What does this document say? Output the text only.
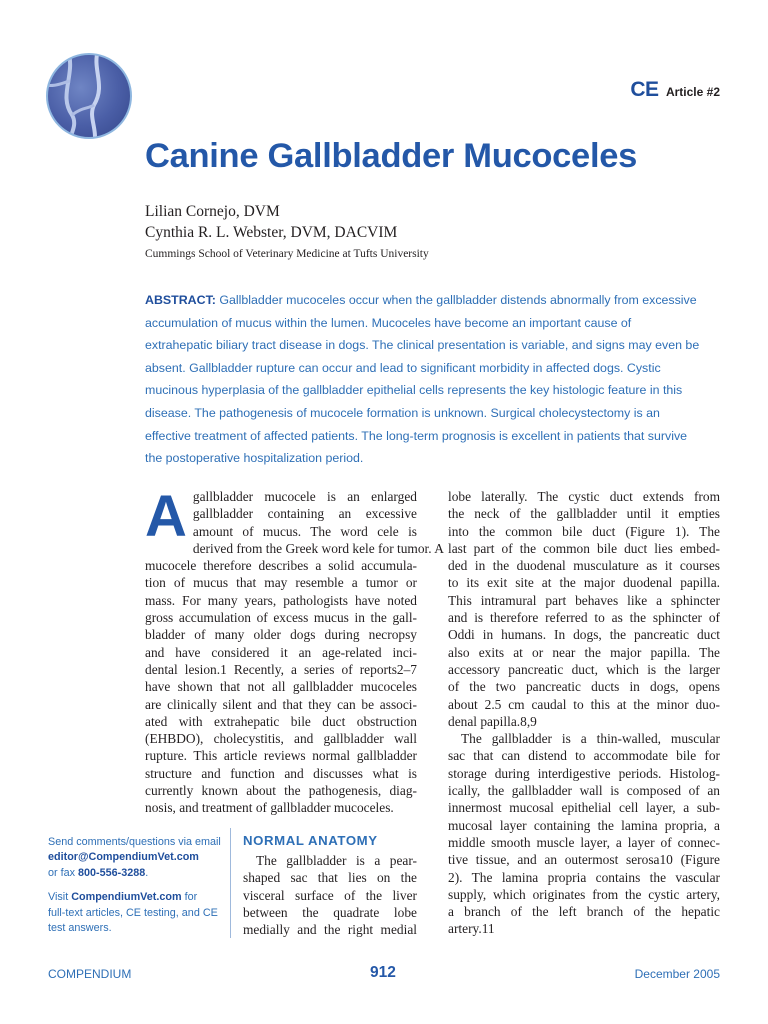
CE Article #2
Canine Gallbladder Mucoceles
Lilian Cornejo, DVM
Cynthia R. L. Webster, DVM, DACVIM
Cummings School of Veterinary Medicine at Tufts University
ABSTRACT: Gallbladder mucoceles occur when the gallbladder distends abnormally from excessive
accumulation of mucus within the lumen. Mucoceles have become an important cause of
extrahepatic biliary tract disease in dogs. The clinical presentation is variable, and signs may even be
absent. Gallbladder rupture can occur and lead to significant morbidity in affected dogs. Cystic
mucinous hyperplasia of the gallbladder epithelial cells represents the key histologic feature in this
disease. The pathogenesis of mucocele formation is unknown. Surgical cholecystectomy is an
effective treatment of affected patients. The long-term prognosis is excellent in patients that survive
the postoperative hospitalization period.
A gallbladder mucocele is an enlarged
gallbladder containing an excessive
amount of mucus. The word cele is
derived from the Greek word kele for tumor. A
mucocele therefore describes a solid accumula-
tion of mucus that may resemble a tumor or
mass. For many years, pathologists have noted
gross accumulation of excess mucus in the gall-
bladder of many older dogs during necropsy
and have considered it an age-related inci-
dental lesion.1 Recently, a series of reports2–7
have shown that not all gallbladder mucoceles
are clinically silent and that they can be associ-
ated with extrahepatic bile duct obstruction
(EHBDO), cholecystitis, and gallbladder wall
rupture. This article reviews normal gallbladder
structure and function and discusses what is
currently known about the pathogenesis, diag-
nosis, and treatment of gallbladder mucoceles.
NORMAL ANATOMY
The gallbladder is a pear-
shaped sac that lies on the
visceral surface of the liver
between the quadrate lobe
medially and the right medial
lobe laterally. The cystic duct extends from
the neck of the gallbladder until it empties
into the common bile duct (Figure 1). The
last part of the common bile duct lies embed-
ded in the duodenal musculature as it courses
to its exit site at the major duodenal papilla.
This intramural part behaves like a sphincter
and is therefore referred to as the sphincter of
Oddi in humans. In dogs, the pancreatic duct
also exits at or near the major papilla. The
accessory pancreatic duct, which is the larger
of the two pancreatic ducts in dogs, opens
about 2.5 cm caudal to this at the minor duo-
denal papilla.8,9
The gallbladder is a thin-walled, muscular
sac that can distend to accommodate bile for
storage during interdigestive periods. Histolog-
ically, the gallbladder wall is composed of an
innermost mucosal epithelial cell layer, a sub-
mucosal layer containing the lamina propria, a
middle smooth muscle layer, a layer of connec-
tive tissue, and an outermost serosa10 (Figure
2). The lamina propria contains the vascular
supply, which originates from the cystic artery,
a branch of the left branch of the hepatic
artery.11
Send comments/questions via email
editor@CompendiumVet.com
or fax 800-556-3288.
Visit CompendiumVet.com for
full-text articles, CE testing, and CE
test answers.
COMPENDIUM	912	December 2005
